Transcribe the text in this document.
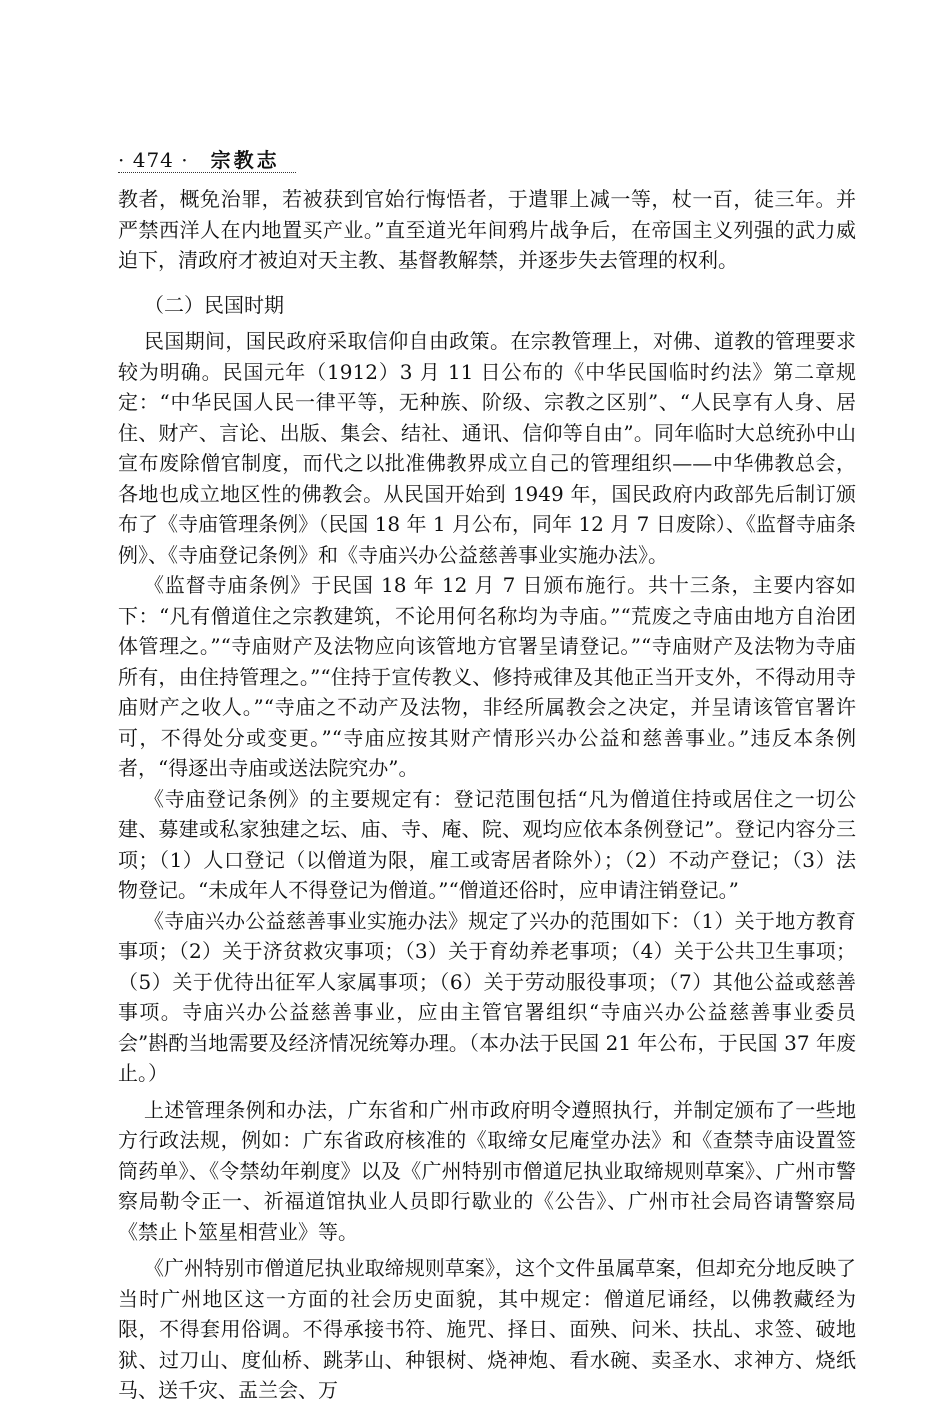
· 474 · 宗教志

教者，概免治罪，若被获到官始行悔悟者，于遣罪上减一等，杖一百，徒三年。并严禁西洋人在内地置买产业。”直至道光年间鸦片战争后，在帝国主义列强的武力威迫下，清政府才被迫对天主教、基督教解禁，并逐步失去管理的权利。

（二）民国时期

民国期间，国民政府采取信仰自由政策。在宗教管理上，对佛、道教的管理要求较为明确。民国元年（1912）3 月 11 日公布的《中华民国临时约法》第二章规定：“中华民国人民一律平等，无种族、阶级、宗教之区别”、“人民享有人身、居住、财产、言论、出版、集会、结社、通讯、信仰等自由”。同年临时大总统孙中山宣布废除僧官制度，而代之以批准佛教界成立自己的管理组织——中华佛教总会，各地也成立地区性的佛教会。从民国开始到 1949 年，国民政府内政部先后制订颁布了《寺庙管理条例》（民国 18 年 1 月公布，同年 12 月 7 日废除）、《监督寺庙条例》、《寺庙登记条例》和《寺庙兴办公益慈善事业实施办法》。

《监督寺庙条例》于民国 18 年 12 月 7 日颁布施行。共十三条，主要内容如下：“凡有僧道住之宗教建筑，不论用何名称均为寺庙。”“荒废之寺庙由地方自治团体管理之。”“寺庙财产及法物应向该管地方官署呈请登记。”“寺庙财产及法物为寺庙所有，由住持管理之。”“住持于宣传教义、修持戒律及其他正当开支外，不得动用寺庙财产之收人。”“寺庙之不动产及法物，非经所属教会之决定，并呈请该管官署许可，不得处分或变更。”“寺庙应按其财产情形兴办公益和慈善事业。”违反本条例者，“得逐出寺庙或送法院究办”。

《寺庙登记条例》的主要规定有：登记范围包括“凡为僧道住持或居住之一切公建、募建或私家独建之坛、庙、寺、庵、院、观均应依本条例登记”。登记内容分三项；（1）人口登记（以僧道为限，雇工或寄居者除外）；（2）不动产登记；（3）法物登记。“未成年人不得登记为僧道。”“僧道还俗时，应申请注销登记。”

《寺庙兴办公益慈善事业实施办法》规定了兴办的范围如下：（1）关于地方教育事项；（2）关于济贫救灾事项；（3）关于育幼养老事项；（4）关于公共卫生事项；（5）关于优待出征军人家属事项；（6）关于劳动服役事项；（7）其他公益或慈善事项。寺庙兴办公益慈善事业，应由主管官署组织“寺庙兴办公益慈善事业委员会”斟酌当地需要及经济情况统筹办理。（本办法于民国 21 年公布，于民国 37 年废止。）

上述管理条例和办法，广东省和广州市政府明令遵照执行，并制定颁布了一些地方行政法规，例如：广东省政府核准的《取缔女尼庵堂办法》和《查禁寺庙设置签筒药单》、《令禁幼年剃度》以及《广州特别市僧道尼执业取缔规则草案》、广州市警察局勒令正一、祈福道馆执业人员即行歇业的《公告》、广州市社会局咨请警察局《禁止卜筮星相营业》等。

《广州特别市僧道尼执业取缔规则草案》，这个文件虽属草案，但却充分地反映了当时广州地区这一方面的社会历史面貌，其中规定：僧道尼诵经，以佛教藏经为限，不得套用俗调。不得承接书符、施咒、择日、面殃、问米、扶乩、求签、破地狱、过刀山、度仙桥、跳茅山、种银树、烧神炮、看水碗、卖圣水、求神方、烧纸马、送千灾、盂兰会、万
